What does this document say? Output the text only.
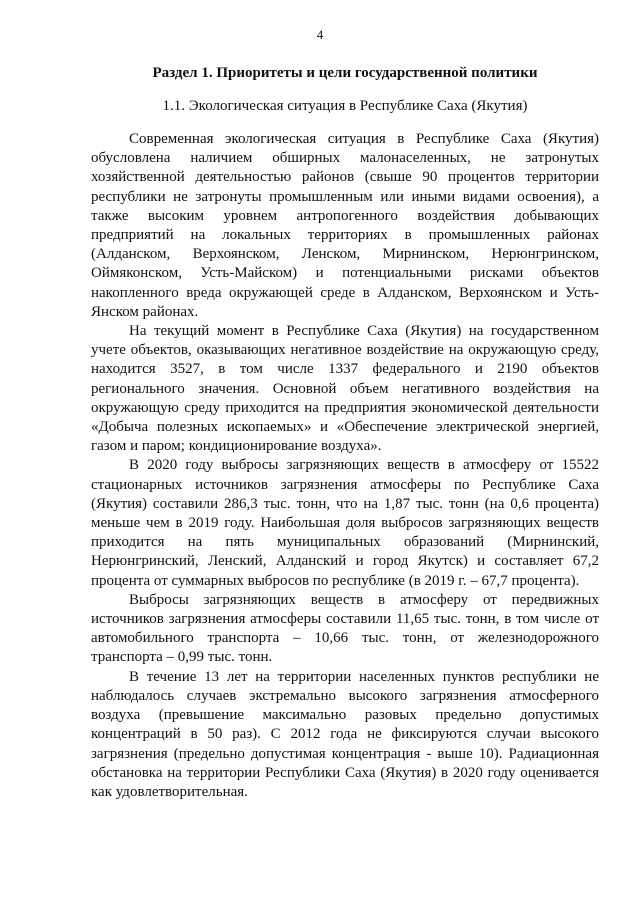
4
Раздел 1. Приоритеты и цели государственной политики
1.1. Экологическая ситуация в Республике Саха (Якутия)

Современная экологическая ситуация в Республике Саха (Якутия) обусловлена наличием обширных малонаселенных, не затронутых хозяйственной деятельностью районов (свыше 90 процентов территории республики не затронуты промышленным или иными видами освоения), а также высоким уровнем антропогенного воздействия добывающих предприятий на локальных территориях в промышленных районах (Алданском, Верхоянском, Ленском, Мирнинском, Нерюнгринском, Оймяконском, Усть-Майском) и потенциальными рисками объектов накопленного вреда окружающей среде в Алданском, Верхоянском и Усть-Янском районах.

На текущий момент в Республике Саха (Якутия) на государственном учете объектов, оказывающих негативное воздействие на окружающую среду, находится 3527, в том числе 1337 федерального и 2190 объектов регионального значения. Основной объем негативного воздействия на окружающую среду приходится на предприятия экономической деятельности «Добыча полезных ископаемых» и «Обеспечение электрической энергией, газом и паром; кондиционирование воздуха».

В 2020 году выбросы загрязняющих веществ в атмосферу от 15522 стационарных источников загрязнения атмосферы по Республике Саха (Якутия) составили 286,3 тыс. тонн, что на 1,87 тыс. тонн (на 0,6 процента) меньше чем в 2019 году. Наибольшая доля выбросов загрязняющих веществ приходится на пять муниципальных образований (Мирнинский, Нерюнгринский, Ленский, Алданский и город Якутск) и составляет 67,2 процента от суммарных выбросов по республике (в 2019 г. – 67,7 процента).

Выбросы загрязняющих веществ в атмосферу от передвижных источников загрязнения атмосферы составили 11,65 тыс. тонн, в том числе от автомобильного транспорта – 10,66 тыс. тонн, от железнодорожного транспорта – 0,99 тыс. тонн.

В течение 13 лет на территории населенных пунктов республики не наблюдалось случаев экстремально высокого загрязнения атмосферного воздуха (превышение максимально разовых предельно допустимых концентраций в 50 раз). С 2012 года не фиксируются случаи высокого загрязнения (предельно допустимая концентрация - выше 10). Радиационная обстановка на территории Республики Саха (Якутия) в 2020 году оценивается как удовлетворительная.
